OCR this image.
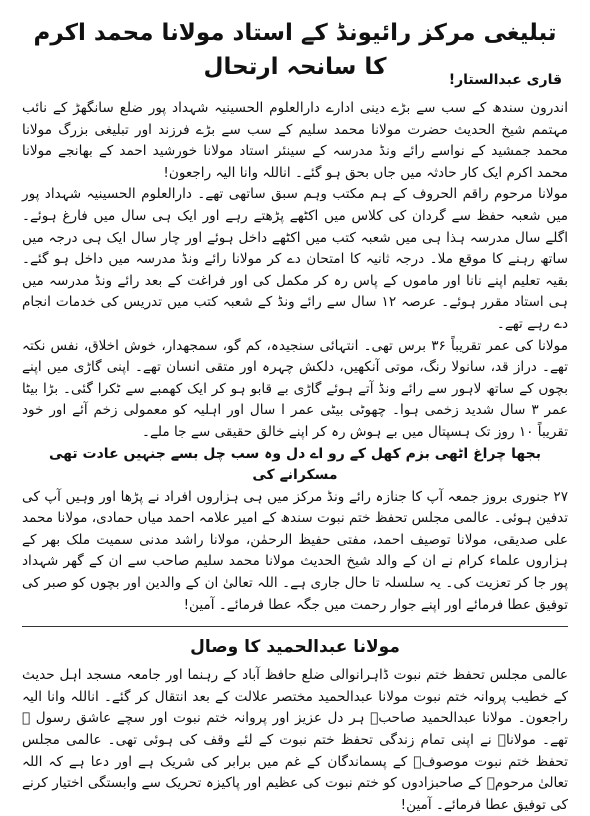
تبلیغی مرکز رائیونڈ کے استاد مولانا محمد اکرم کا سانحہ ارتحال	قاری عبدالستار!

اندرون سندھ کے سب سے بڑے دینی ادارے دارالعلوم الحسینیہ شہداد پور ضلع سانگھڑ کے نائب مہتمم شیخ الحدیث حضرت مولانا محمد سلیم کے سب سے بڑے فرزند اور تبلیغی بزرگ مولانا محمد جمشید کے نواسے رائے ونڈ مدرسہ کے سینئر استاد مولانا خورشید احمد کے بھانجے مولانا محمد اکرم ایک کار حادثہ میں جاں بحق ہو گئے۔ اناللہ وانا الیہ راجعون!

مولانا مرحوم راقم الحروف کے ہم مکتب وہم سبق ساتھی تھے۔ دارالعلوم الحسینیہ شہداد پور میں شعبہ حفظ سے گردان کی کلاس میں اکٹھے پڑھتے رہے اور ایک ہی سال میں فارغ ہوئے۔ اگلے سال مدرسہ ہذا ہی میں شعبہ کتب میں اکٹھے داخل ہوئے اور چار سال ایک ہی درجہ میں ساتھ رہنے کا موقع ملا۔ درجہ ثانیہ کا امتحان دے کر مولانا رائے ونڈ مدرسہ میں داخل ہو گئے۔ بقیہ تعلیم اپنے نانا اور ماموں کے پاس رہ کر مکمل کی اور فراغت کے بعد رائے ونڈ مدرسہ میں ہی استاد مقرر ہوئے۔ عرصہ ۱۲ سال سے رائے ونڈ کے شعبہ کتب میں تدریس کی خدمات انجام دے رہے تھے۔

مولانا کی عمر تقریباً ۳۶ برس تھی۔ انتہائی سنجیدہ، کم گو، سمجھدار، خوش اخلاق، نفس نکتہ تھے۔ دراز قد، سانولا رنگ، موتی آنکھیں، دلکش چہرہ اور متقی انسان تھے۔ اپنی گاڑی میں اپنے بچوں کے ساتھ لاہور سے رائے ونڈ آتے ہوئے گاڑی بے قابو ہو کر ایک کھمبے سے ٹکرا گئی۔ بڑا بیٹا عمر ۳ سال شدید زخمی ہوا۔ چھوٹی بیٹی عمر ا سال اور اہلیہ کو معمولی زخم آئے اور خود تقریباً ۱۰ روز تک ہسپتال میں بے ہوش رہ کر اپنے خالق حقیقی سے جا ملے۔

بجھا چراغ اٹھی بزم کھل کے رو اے دل وہ سب چل بسے جنہیں عادت تھی مسکرانے کی

۲۷ جنوری بروز جمعہ آپ کا جنازہ رائے ونڈ مرکز میں ہی ہزاروں افراد نے پڑھا اور وہیں آپ کی تدفین ہوئی۔ عالمی مجلس تحفظ ختم نبوت سندھ کے امیر علامہ احمد میاں حمادی، مولانا محمد علی صدیقی، مولانا توصیف احمد، مفتی حفیظ الرحمٰن، مولانا راشد مدنی سمیت ملک بھر کے ہزاروں علماء کرام نے ان کے والد شیخ الحدیث مولانا محمد سلیم صاحب سے ان کے گھر شہداد پور جا کر تعزیت کی۔ یہ سلسلہ تا حال جاری ہے۔ اللہ تعالیٰ ان کے والدین اور بچوں کو صبر کی توفیق عطا فرمائے اور اپنے جوار رحمت میں جگہ عطا فرمائے۔ آمین!

مولانا عبدالحمید کا وصال

عالمی مجلس تحفظ ختم نبوت ڈاہرانوالی ضلع حافظ آباد کے رہنما اور جامعہ مسجد اہل حدیث کے خطیب پروانہ ختم نبوت مولانا عبدالحمید مختصر علالت کے بعد انتقال کر گئے۔ اناللہ وانا الیہ راجعون۔ مولانا عبدالحمید صاحبؒ ہر دل عزیز اور پروانہ ختم نبوت اور سچے عاشق رسول ﷺ تھے۔ مولاناؒ نے اپنی تمام زندگی تحفظ ختم نبوت کے لئے وقف کی ہوئی تھی۔ عالمی مجلس تحفظ ختم نبوت موصوفؒ کے پسماندگان کے غم میں برابر کی شریک ہے اور دعا ہے کہ اللہ تعالیٰ مرحومؒ کے صاحبزادوں کو ختم نبوت کی عظیم اور پاکیزہ تحریک سے وابستگی اختیار کرنے کی توفیق عطا فرمائے۔ آمین!
